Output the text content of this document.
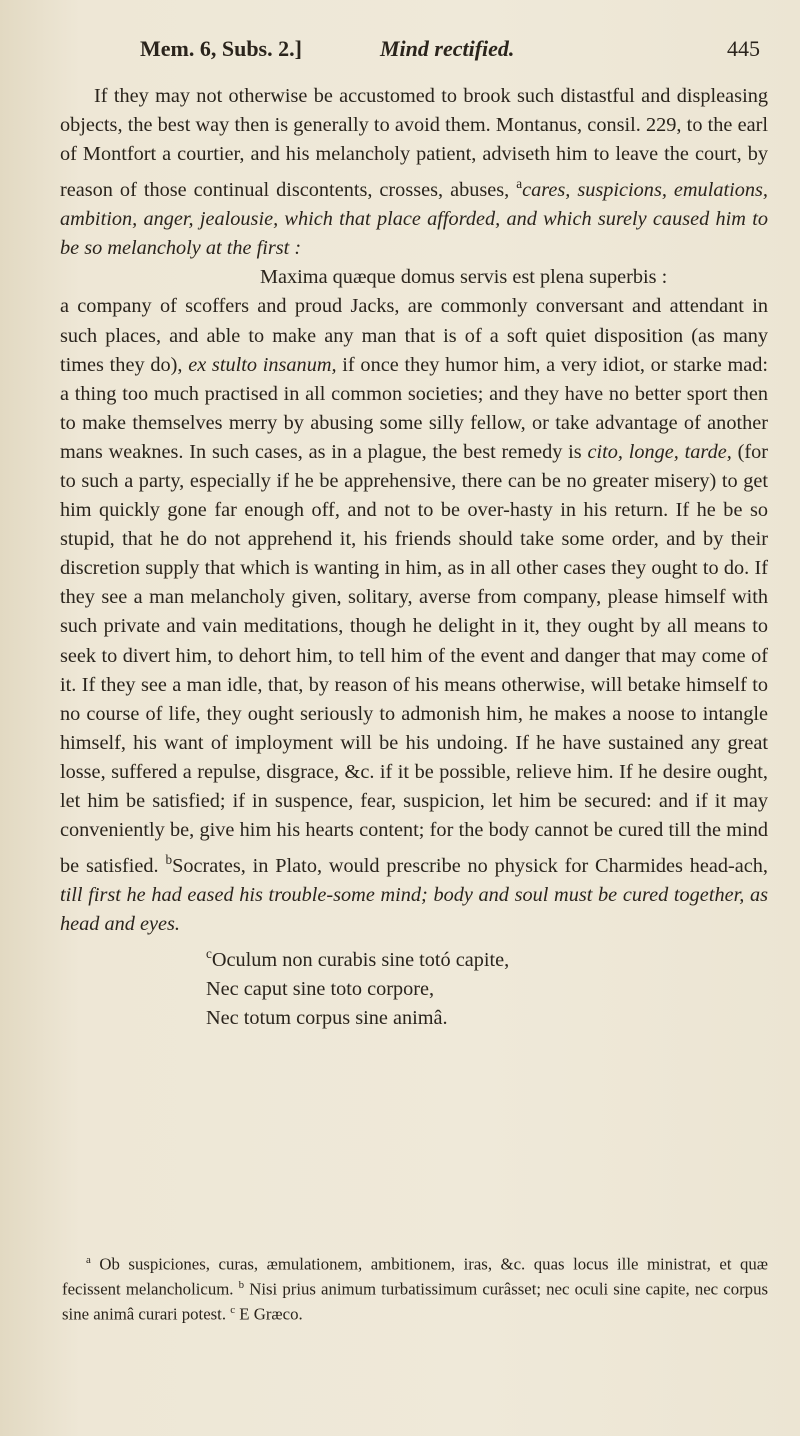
Mem. 6, Subs. 2.]	Mind rectified.	445

If they may not otherwise be accustomed to brook such distastful and displeasing objects, the best way then is generally to avoid them. Montanus, consil. 229, to the earl of Montfort a courtier, and his melancholy patient, adviseth him to leave the court, by reason of those continual discontents, crosses, abuses, $^a$cares, suspicions, emulations, ambition, anger, jealousie, which that place afforded, and which surely caused him to be so melancholy at the first :

Maxima quæque domus servis est plena superbis :

a company of scoffers and proud Jacks, are commonly conversant and attendant in such places, and able to make any man that is of a soft quiet disposition (as many times they do), ex stulto insanum, if once they humor him, a very idiot, or starke mad: a thing too much practised in all common societies; and they have no better sport then to make themselves merry by abusing some silly fellow, or take advantage of another mans weaknes. In such cases, as in a plague, the best remedy is cito, longe, tarde, (for to such a party, especially if he be apprehensive, there can be no greater misery) to get him quickly gone far enough off, and not to be over-hasty in his return. If he be so stupid, that he do not apprehend it, his friends should take some order, and by their discretion supply that which is wanting in him, as in all other cases they ought to do. If they see a man melancholy given, solitary, averse from company, please himself with such private and vain meditations, though he delight in it, they ought by all means to seek to divert him, to dehort him, to tell him of the event and danger that may come of it. If they see a man idle, that, by reason of his means otherwise, will betake himself to no course of life, they ought seriously to admonish him, he makes a noose to intangle himself, his want of imployment will be his undoing. If he have sustained any great losse, suffered a repulse, disgrace, &c. if it be possible, relieve him. If he desire ought, let him be satisfied; if in suspence, fear, suspicion, let him be secured: and if it may conveniently be, give him his hearts content; for the body cannot be cured till the mind be satisfied. $^b$Socrates, in Plato, would prescribe no physick for Charmides head-ach, till first he had eased his trouble-some mind; body and soul must be cured together, as head and eyes.

$^c$Oculum non curabis sine totó capite,
Nec caput sine toto corpore,
Nec totum corpus sine animâ.

$^a$ Ob suspiciones, curas, æmulationem, ambitionem, iras, &c. quas locus ille ministrat, et quæ fecissent melancholicum. $^b$ Nisi prius animum turbatissimum curâsset; nec oculi sine capite, nec corpus sine animâ curari potest. $^c$ E Græco.
